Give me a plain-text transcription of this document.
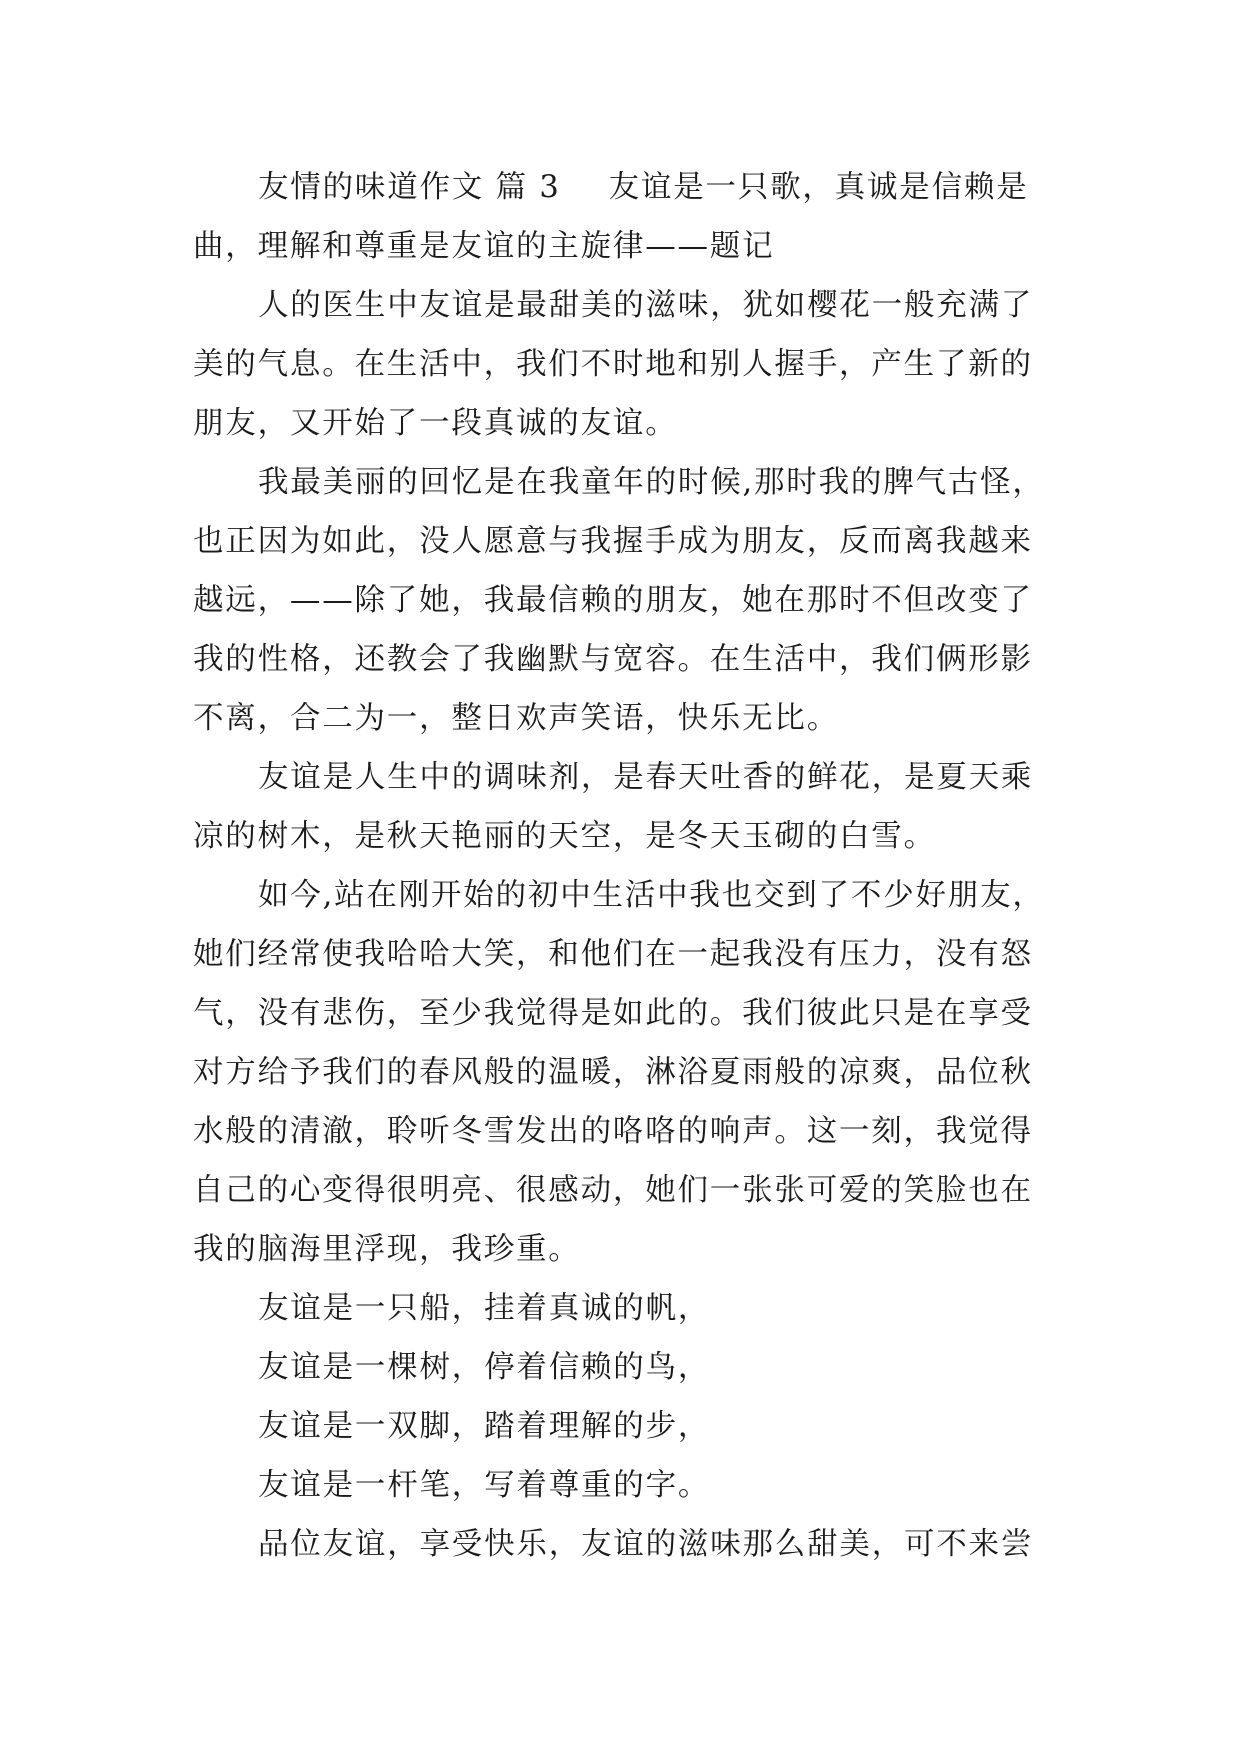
友情的味道作文 篇 3 友谊是一只歌，真诚是信赖是
曲，理解和尊重是友谊的主旋律——题记
人的医生中友谊是最甜美的滋味，犹如樱花一般充满了
美的气息。在生活中，我们不时地和别人握手，产生了新的
朋友，又开始了一段真诚的友谊。
我最美丽的回忆是在我童年的时候,那时我的脾气古怪，
也正因为如此，没人愿意与我握手成为朋友，反而离我越来
越远，——除了她，我最信赖的朋友，她在那时不但改变了
我的性格，还教会了我幽默与宽容。在生活中，我们俩形影
不离，合二为一，整日欢声笑语，快乐无比。
友谊是人生中的调味剂，是春天吐香的鲜花，是夏天乘
凉的树木，是秋天艳丽的天空，是冬天玉砌的白雪。
如今,站在刚开始的初中生活中我也交到了不少好朋友，
她们经常使我哈哈大笑，和他们在一起我没有压力，没有怒
气，没有悲伤，至少我觉得是如此的。我们彼此只是在享受
对方给予我们的春风般的温暖，淋浴夏雨般的凉爽，品位秋
水般的清澈，聆听冬雪发出的咯咯的响声。这一刻，我觉得
自己的心变得很明亮、很感动，她们一张张可爱的笑脸也在
我的脑海里浮现，我珍重。
友谊是一只船，挂着真诚的帆，
友谊是一棵树，停着信赖的鸟，
友谊是一双脚，踏着理解的步，
友谊是一杆笔，写着尊重的字。
品位友谊，享受快乐，友谊的滋味那么甜美，可不来尝
